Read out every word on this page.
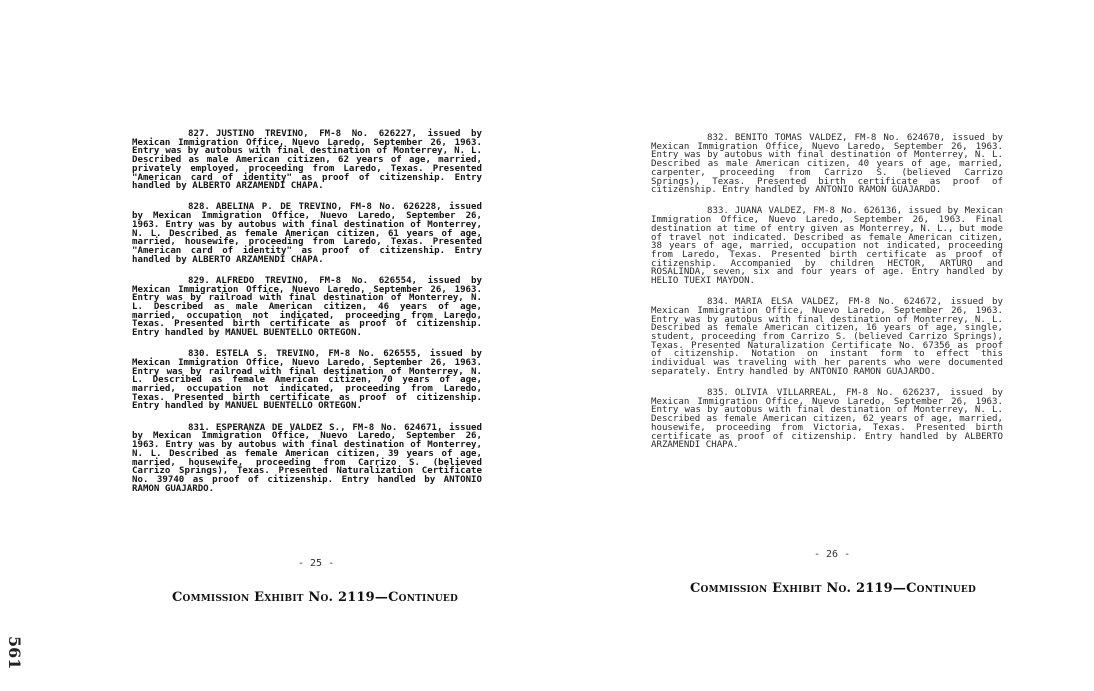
827. JUSTINO TREVINO, FM-8 No. 626227, issued by Mexican Immigration Office, Nuevo Laredo, September 26, 1963. Entry was by autobus with final destination of Monterrey, N. L. Described as male American citizen, 62 years of age, married, privately employed, proceeding from Laredo, Texas. Presented "American card of identity" as proof of citizenship. Entry handled by ALBERTO ARZAMENDI CHAPA.

828. ABELINA P. DE TREVINO, FM-8 No. 626228, issued by Mexican Immigration Office, Nuevo Laredo, September 26, 1963. Entry was by autobus with final destination of Monterrey, N. L. Described as female American citizen, 61 years of age, married, housewife, proceeding from Laredo, Texas. Presented "American card of identity" as proof of citizenship. Entry handled by ALBERTO ARZAMENDI CHAPA.

829. ALFREDO TREVINO, FM-8 No. 626554, issued by Mexican Immigration Office, Nuevo Laredo, September 26, 1963. Entry was by railroad with final destination of Monterrey, N. L. Described as male American citizen, 46 years of age, married, occupation not indicated, proceeding from Laredo, Texas. Presented birth certificate as proof of citizenship. Entry handled by MANUEL BUENTELLO ORTEGON.

830. ESTELA S. TREVINO, FM-8 No. 626555, issued by Mexican Immigration Office, Nuevo Laredo, September 26, 1963. Entry was by railroad with final destination of Monterrey, N. L. Described as female American citizen, 70 years of age, married, occupation not indicated, proceeding from Laredo, Texas. Presented birth certificate as proof of citizenship. Entry handled by MANUEL BUENTELLO ORTEGON.

831. ESPERANZA DE VALDEZ S., FM-8 No. 624671, issued by Mexican Immigration Office, Nuevo Laredo, September 26, 1963. Entry was by autobus with final destination of Monterrey, N. L. Described as female American citizen, 39 years of age, married, housewife, proceeding from Carrizo S. (believed Carrizo Springs), Texas. Presented Naturalization Certificate No. 39740 as proof of citizenship. Entry handled by ANTONIO RAMON GUAJARDO.

- 25 -
Commission Exhibit No. 2119—Continued

832. BENITO TOMAS VALDEZ, FM-8 No. 624670, issued by Mexican Immigration Office, Nuevo Laredo, September 26, 1963. Entry was by autobus with final destination of Monterrey, N. L. Described as male American citizen, 40 years of age, married, carpenter, proceeding from Carrizo S. (believed Carrizo Springs), Texas. Presented birth certificate as proof of citizenship. Entry handled by ANTONIO RAMON GUAJARDO.

833. JUANA VALDEZ, FM-8 No. 626136, issued by Mexican Immigration Office, Nuevo Laredo, September 26, 1963. Final destination at time of entry given as Monterrey, N. L., but mode of travel not indicated. Described as female American citizen, 38 years of age, married, occupation not indicated, proceeding from Laredo, Texas. Presented birth certificate as proof of citizenship. Accompanied by children HECTOR, ARTURO and ROSALINDA, seven, six and four years of age. Entry handled by HELIO TUEXI MAYDON.

834. MARIA ELSA VALDEZ, FM-8 No. 624672, issued by Mexican Immigration Office, Nuevo Laredo, September 26, 1963. Entry was by autobus with final destination of Monterrey, N. L. Described as female American citizen, 16 years of age, single, student, proceeding from Carrizo S. (believed Carrizo Springs), Texas. Presented Naturalization Certificate No. 67356 as proof of citizenship. Notation on instant form to effect this individual was traveling with her parents who were documented separately. Entry handled by ANTONIO RAMON GUAJARDO.

835. OLIVIA VILLARREAL, FM-8 No. 626237, issued by Mexican Immigration Office, Nuevo Laredo, September 26, 1963. Entry was by autobus with final destination of Monterrey, N. L. Described as female American citizen, 62 years of age, married, housewife, proceeding from Victoria, Texas. Presented birth certificate as proof of citizenship. Entry handled by ALBERTO ARZAMENDI CHAPA.

- 26 -
Commission Exhibit No. 2119—Continued
561
